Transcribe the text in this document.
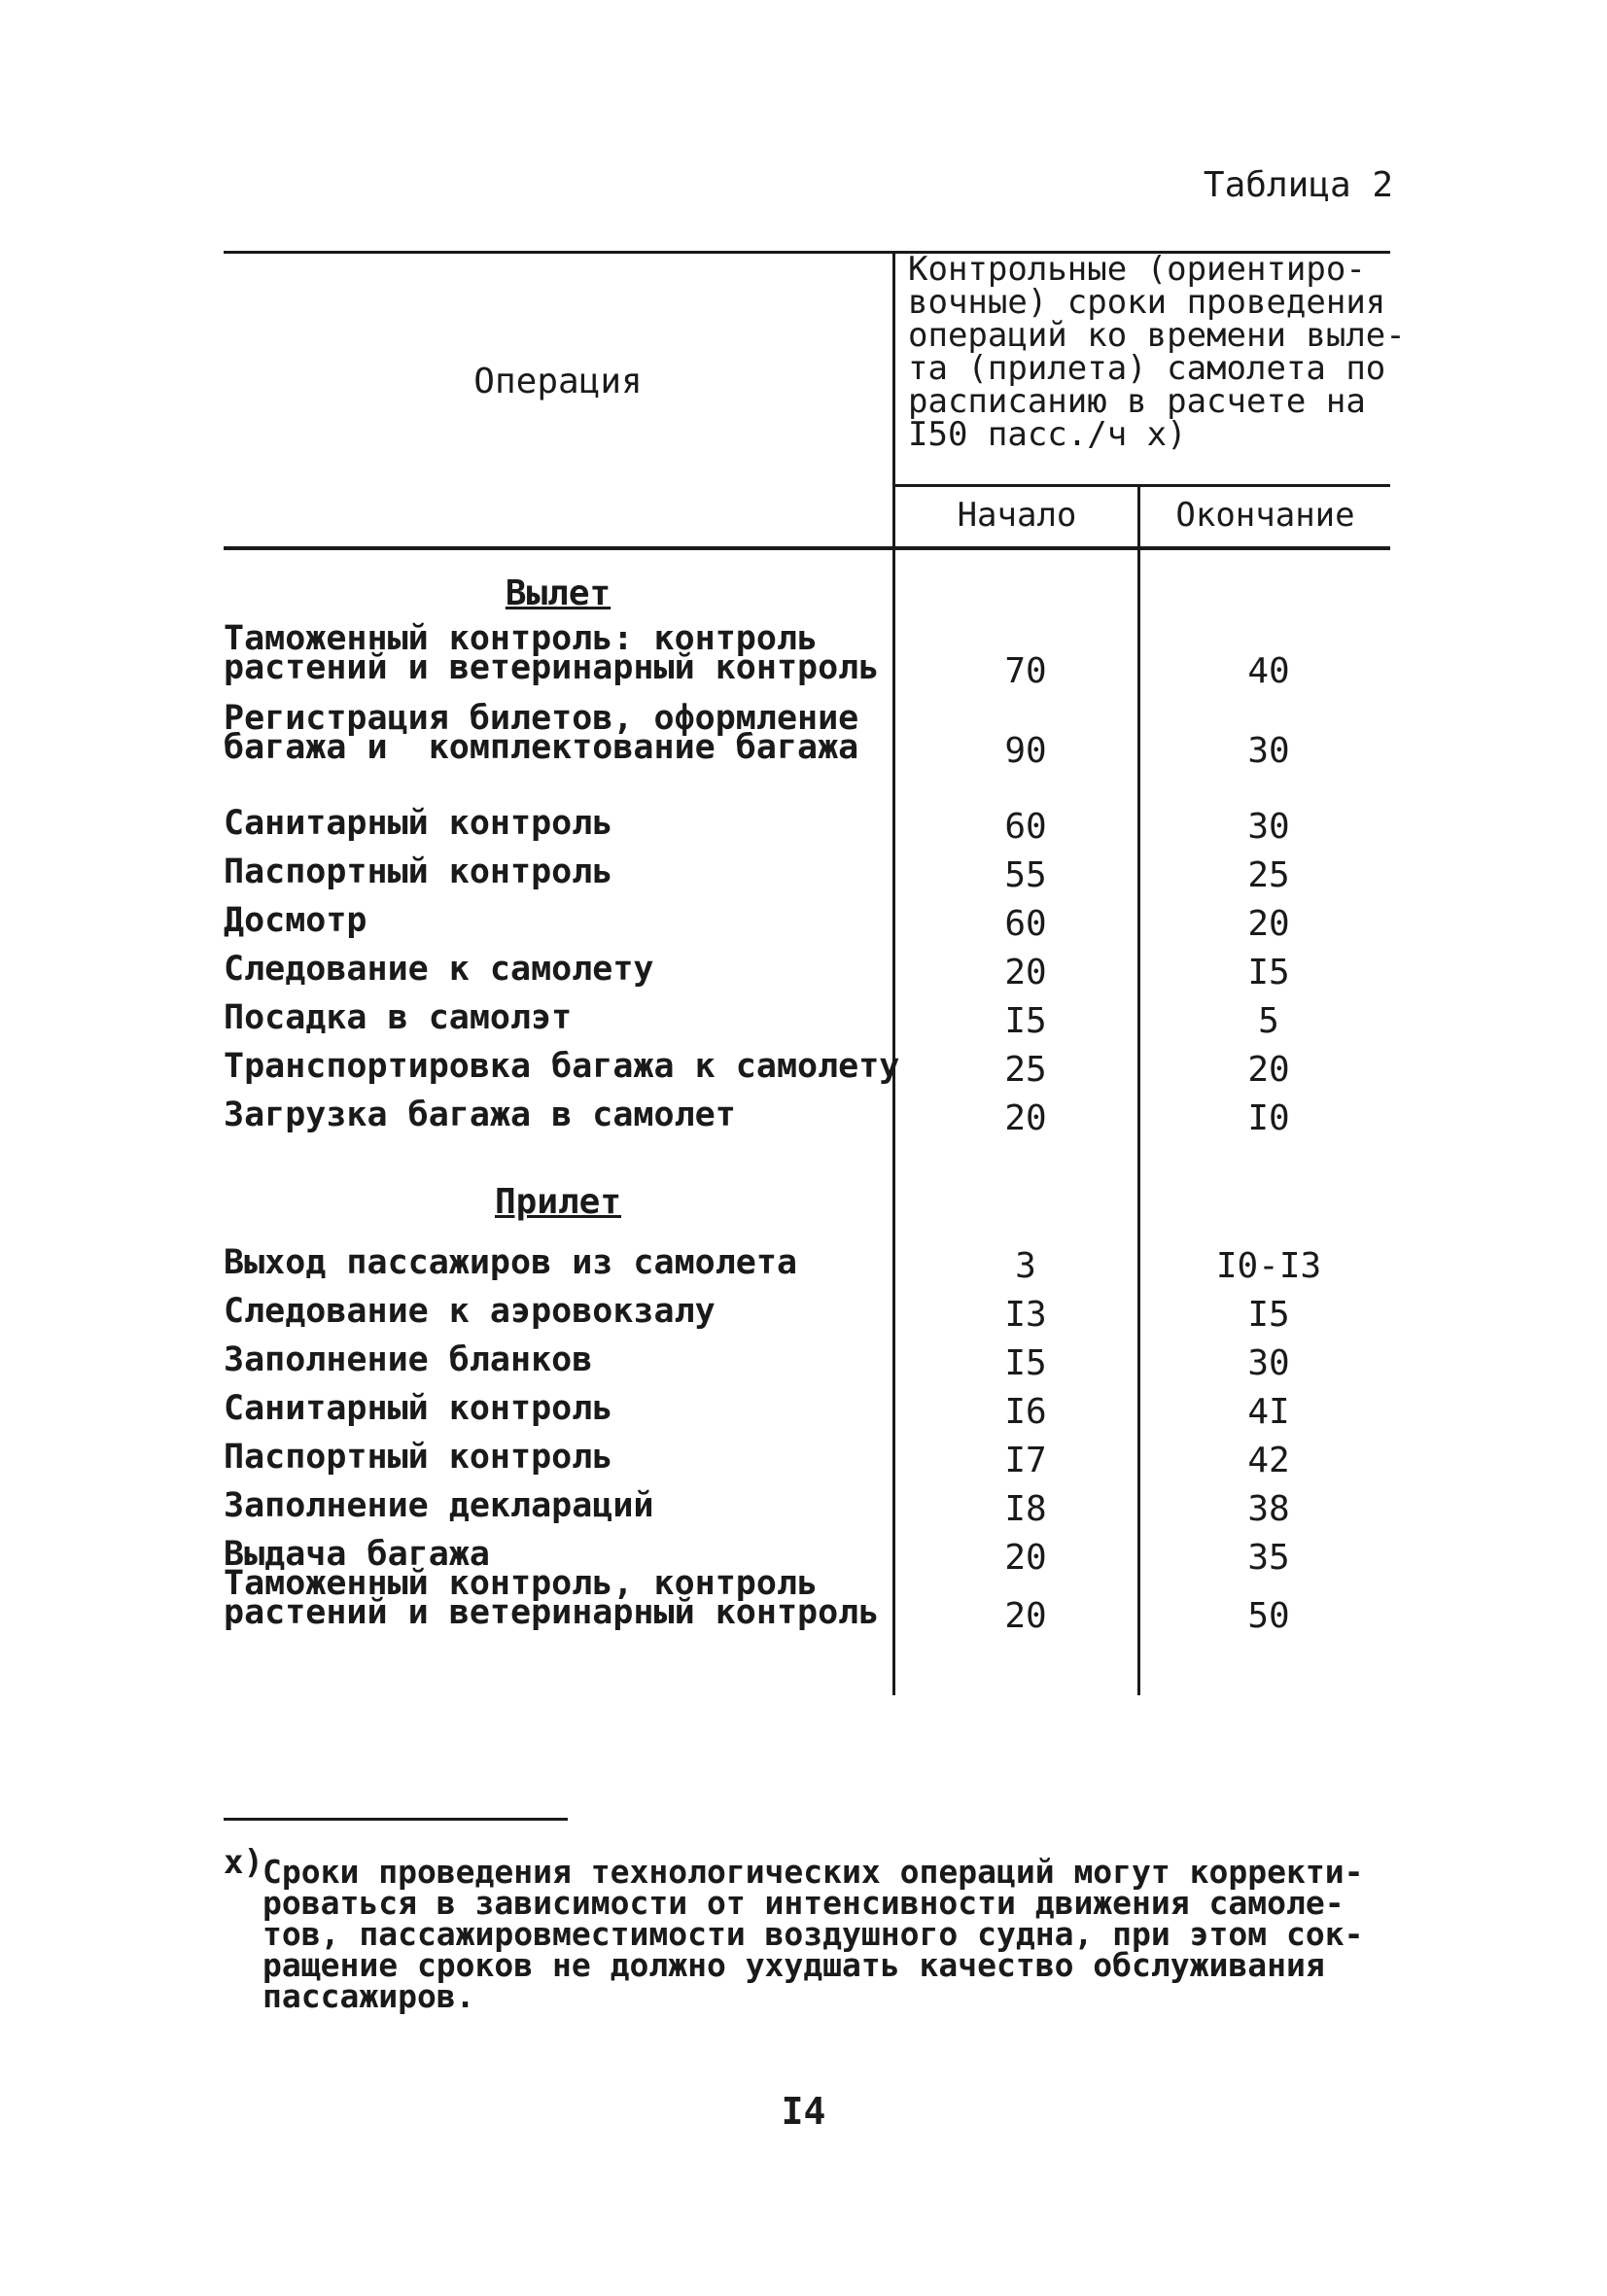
Таблица 2
Операция
Контрольные (ориентиро-
вочные) сроки проведения
операций ко времени выле-
та (прилета) самолета по
расписанию в расчете на
I50 пасс./ч х)
Начало	Окончание
Вылет
Таможенный контроль: контроль
растений и ветеринарный контроль	70	40
Регистрация билетов, оформление
багажа и  комплектование багажа	90	30
Санитарный контроль	60	30
Паспортный контроль	55	25
Досмотр	60	20
Следование к самолету	20	I5
Посадка в самолэт	I5	5
Транспортировка багажа к самолету	25	20
Загрузка багажа в самолет	20	I0
Прилет
Выход пассажиров из самолета	3	I0-I3
Следование к аэровокзалу	I3	I5
Заполнение бланков	I5	30
Санитарный контроль	I6	4I
Паспортный контроль	I7	42
Заполнение деклараций	I8	38
Выдача багажа	20	35
Таможенный контроль, контроль
растений и ветеринарный контроль	20	50
х) Сроки проведения технологических операций могут корректи-
роваться в зависимости от интенсивности движения самоле-
тов, пассажировместимости воздушного судна, при этом сок-
ращение сроков не должно ухудшать качество обслуживания
пассажиров.
I4
